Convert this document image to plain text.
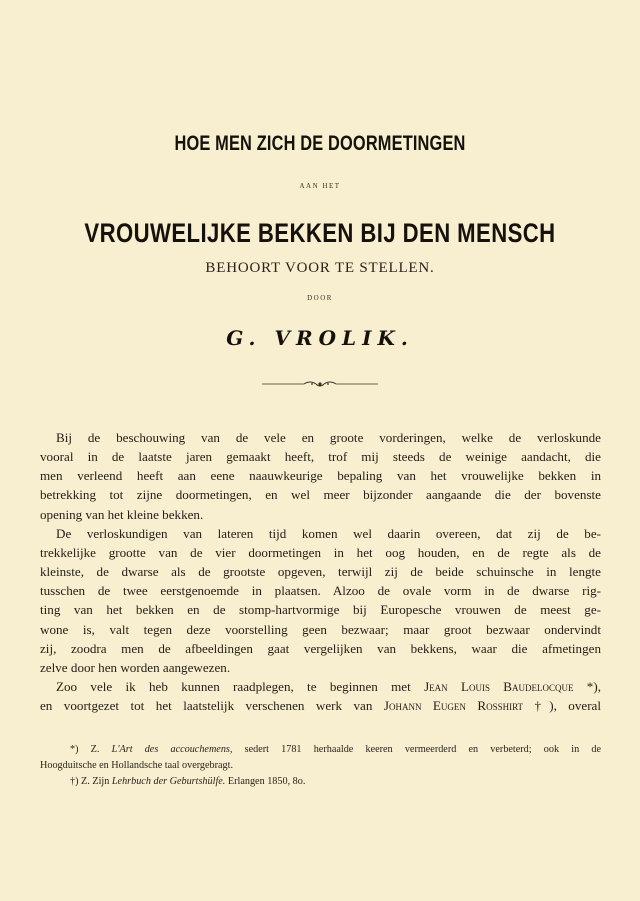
HOE MEN ZICH DE DOORMETINGEN
AAN HET
VROUWELIJKE BEKKEN BIJ DEN MENSCH
BEHOORT VOOR TE STELLEN.
DOOR
G. VROLIK.
Bij de beschouwing van de vele en groote vorderingen, welke de verloskunde
vooral in de laatste jaren gemaakt heeft, trof mij steeds de weinige aandacht, die
men verleend heeft aan eene naauwkeurige bepaling van het vrouwelijke bekken in
betrekking tot zijne doormetingen, en wel meer bijzonder aangaande die der bovenste
opening van het kleine bekken.
De verloskundigen van lateren tijd komen wel daarin overeen, dat zij de be-
trekkelijke grootte van de vier doormetingen in het oog houden, en de regte als de
kleinste, de dwarse als de grootste opgeven, terwijl zij de beide schuinsche in lengte
tusschen de twee eerstgenoemde in plaatsen. Alzoo de ovale vorm in de dwarse rig-
ting van het bekken en de stomp-hartvormige bij Europesche vrouwen de meest ge-
wone is, valt tegen deze voorstelling geen bezwaar; maar groot bezwaar ondervindt
zij, zoodra men de afbeeldingen gaat vergelijken van bekkens, waar die afmetingen
zelve door hen worden aangewezen.
Zoo vele ik heb kunnen raadplegen, te beginnen met Jean Louis Baudelocque *),
en voortgezet tot het laatstelijk verschenen werk van Johann Eugen Rosshirt †), overal
*) Z. L'Art des accouchemens, sedert 1781 herhaalde keeren vermeerderd en verbeterd; ook in de
Hoogduitsche en Hollandsche taal overgebragt.
†) Z. Zijn Lehrbuch der Geburtshülfe. Erlangen 1850, 8o.
